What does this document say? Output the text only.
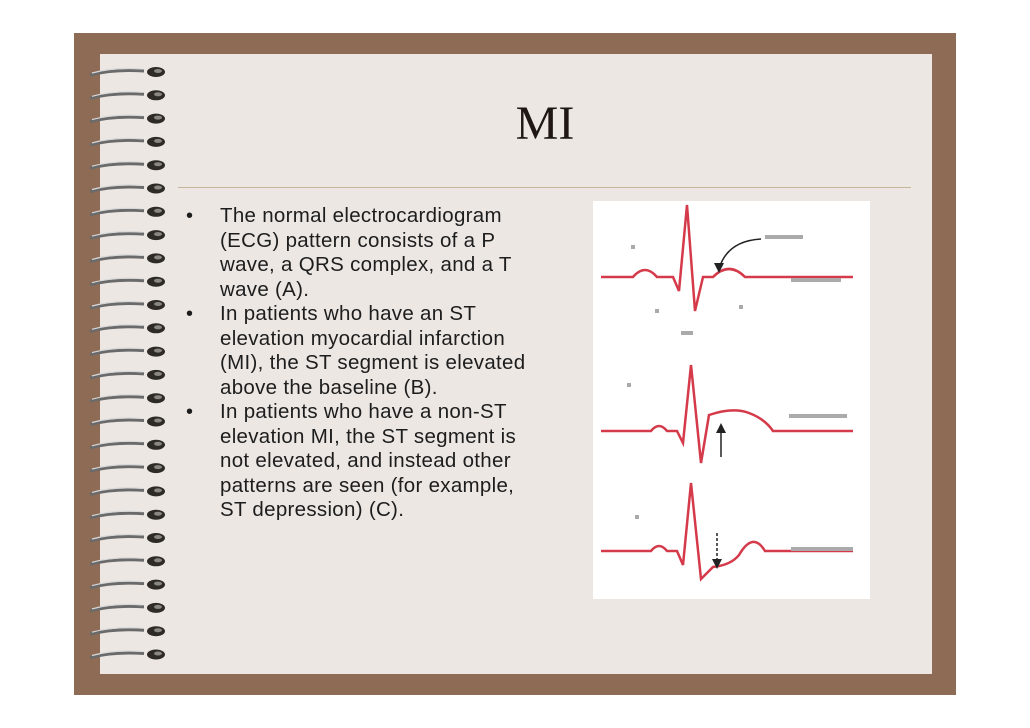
MI
• The normal electrocardiogram (ECG) pattern consists of a P wave, a QRS complex, and a T wave (A).
• In patients who have an ST elevation myocardial infarction (MI), the ST segment is elevated above the baseline (B).
• In patients who have a non-ST elevation MI, the ST segment is not elevated, and instead other patterns are seen (for example, ST depression) (C).
